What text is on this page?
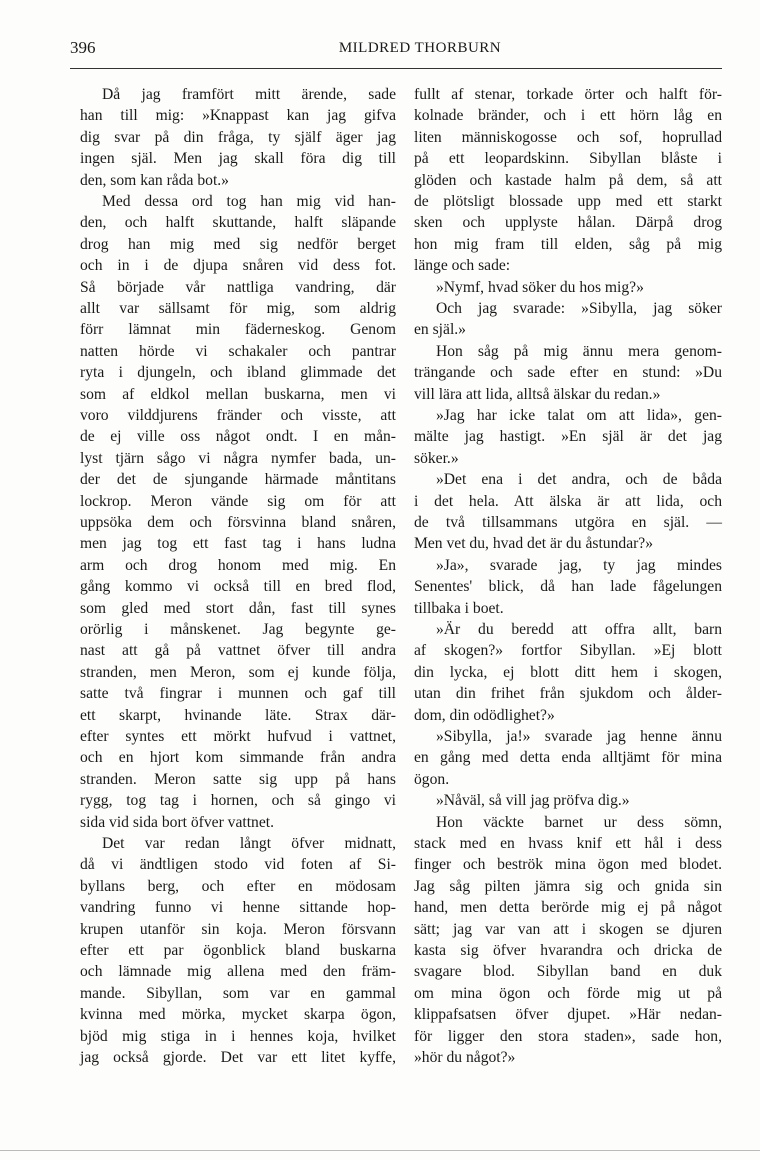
396	MILDRED THORBURN
Då jag framfört mitt ärende, sade
han till mig: »Knappast kan jag gifva
dig svar på din fråga, ty själf äger jag
ingen själ. Men jag skall föra dig till
den, som kan råda bot.»
Med dessa ord tog han mig vid han-
den, och halft skuttande, halft släpande
drog han mig med sig nedför berget
och in i de djupa snåren vid dess fot.
Så började vår nattliga vandring, där
allt var sällsamt för mig, som aldrig
förr lämnat min fäderneskog. Genom
natten hörde vi schakaler och pantrar
ryta i djungeln, och ibland glimmade det
som af eldkol mellan buskarna, men vi
voro vilddjurens fränder och visste, att
de ej ville oss något ondt. I en mån-
lyst tjärn sågo vi några nymfer bada, un-
der det de sjungande härmade måntitans
lockrop. Meron vände sig om för att
uppsöka dem och försvinna bland snåren,
men jag tog ett fast tag i hans ludna
arm och drog honom med mig. En
gång kommo vi också till en bred flod,
som gled med stort dån, fast till synes
orörlig i månskenet. Jag begynte ge-
nast att gå på vattnet öfver till andra
stranden, men Meron, som ej kunde följa,
satte två fingrar i munnen och gaf till
ett skarpt, hvinande läte. Strax där-
efter syntes ett mörkt hufvud i vattnet,
och en hjort kom simmande från andra
stranden. Meron satte sig upp på hans
rygg, tog tag i hornen, och så gingo vi
sida vid sida bort öfver vattnet.
Det var redan långt öfver midnatt,
då vi ändtligen stodo vid foten af Si-
byllans berg, och efter en mödosam
vandring funno vi henne sittande hop-
krupen utanför sin koja. Meron försvann
efter ett par ögonblick bland buskarna
och lämnade mig allena med den främ-
mande. Sibyllan, som var en gammal
kvinna med mörka, mycket skarpa ögon,
bjöd mig stiga in i hennes koja, hvilket
jag också gjorde. Det var ett litet kyffe,
fullt af stenar, torkade örter och halft för-
kolnade bränder, och i ett hörn låg en
liten människogosse och sof, hoprullad
på ett leopardskinn. Sibyllan blåste i
glöden och kastade halm på dem, så att
de plötsligt blossade upp med ett starkt
sken och upplyste hålan. Därpå drog
hon mig fram till elden, såg på mig
länge och sade:
»Nymf, hvad söker du hos mig?»
Och jag svarade: »Sibylla, jag söker
en själ.»
Hon såg på mig ännu mera genom-
trängande och sade efter en stund: »Du
vill lära att lida, alltså älskar du redan.»
»Jag har icke talat om att lida», gen-
mälte jag hastigt. »En själ är det jag
söker.»
»Det ena i det andra, och de båda
i det hela. Att älska är att lida, och
de två tillsammans utgöra en själ. —
Men vet du, hvad det är du åstundar?»
»Ja», svarade jag, ty jag mindes
Senentes' blick, då han lade fågelungen
tillbaka i boet.
»Är du beredd att offra allt, barn
af skogen?» fortfor Sibyllan. »Ej blott
din lycka, ej blott ditt hem i skogen,
utan din frihet från sjukdom och ålder-
dom, din odödlighet?»
»Sibylla, ja!» svarade jag henne ännu
en gång med detta enda alltjämt för mina
ögon.
»Nåväl, så vill jag pröfva dig.»
Hon väckte barnet ur dess sömn,
stack med en hvass knif ett hål i dess
finger och beströk mina ögon med blodet.
Jag såg pilten jämra sig och gnida sin
hand, men detta berörde mig ej på något
sätt; jag var van att i skogen se djuren
kasta sig öfver hvarandra och dricka de
svagare blod. Sibyllan band en duk
om mina ögon och förde mig ut på
klippafsatsen öfver djupet. »Här nedan-
för ligger den stora staden», sade hon,
»hör du något?»
